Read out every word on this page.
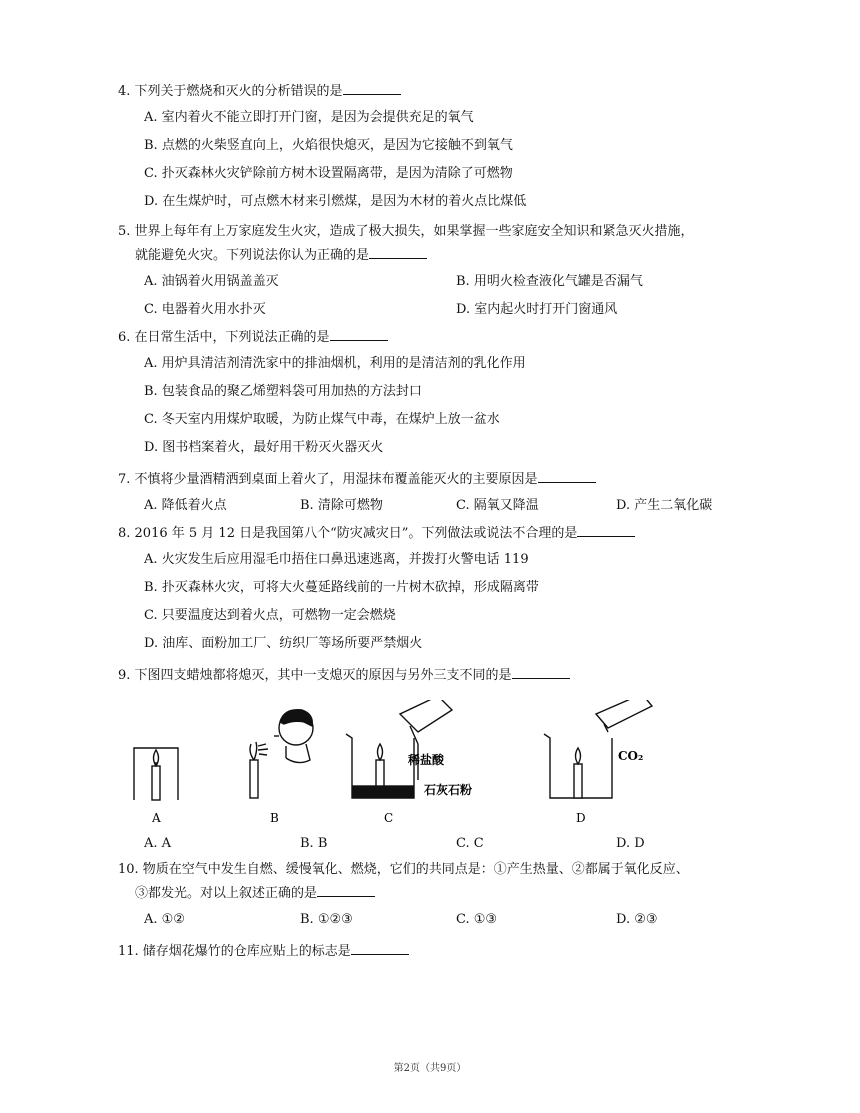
4. 下列关于燃烧和灭火的分析错误的是
A. 室内着火不能立即打开门窗，是因为会提供充足的氧气
B. 点燃的火柴竖直向上，火焰很快熄灭，是因为它接触不到氧气
C. 扑灭森林火灾铲除前方树木设置隔离带，是因为清除了可燃物
D. 在生煤炉时，可点燃木材来引燃煤，是因为木材的着火点比煤低
5. 世界上每年有上万家庭发生火灾，造成了极大损失，如果掌握一些家庭安全知识和紧急灭火措施，
就能避免火灾。下列说法你认为正确的是
A. 油锅着火用锅盖盖灭	B. 用明火检查液化气罐是否漏气
C. 电器着火用水扑灭	D. 室内起火时打开门窗通风
6. 在日常生活中，下列说法正确的是
A. 用炉具清洁剂清洗家中的排油烟机，利用的是清洁剂的乳化作用
B. 包装食品的聚乙烯塑料袋可用加热的方法封口
C. 冬天室内用煤炉取暖，为防止煤气中毒，在煤炉上放一盆水
D. 图书档案着火，最好用干粉灭火器灭火
7. 不慎将少量酒精洒到桌面上着火了，用湿抹布覆盖能灭火的主要原因是
A. 降低着火点	B. 清除可燃物	C. 隔氧又降温	D. 产生二氧化碳
8. 2016 年 5 月 12 日是我国第八个“防灾减灾日”。下列做法或说法不合理的是
A. 火灾发生后应用湿毛巾捂住口鼻迅速逃离，并拨打火警电话 119
B. 扑灭森林火灾，可将大火蔓延路线前的一片树木砍掉，形成隔离带
C. 只要温度达到着火点，可燃物一定会燃烧
D. 油库、面粉加工厂、纺织厂等场所要严禁烟火
9. 下图四支蜡烛都将熄灭，其中一支熄灭的原因与另外三支不同的是
A	B
稀盐酸
石灰石粉
C
CO₂
D
A. A	B. B	C. C	D. D
10. 物质在空气中发生自燃、缓慢氧化、燃烧，它们的共同点是：①产生热量、②都属于氧化反应、
③都发光。对以上叙述正确的是
A. ①②	B. ①②③	C. ①③	D. ②③
11. 储存烟花爆竹的仓库应贴上的标志是
第2页（共9页）
